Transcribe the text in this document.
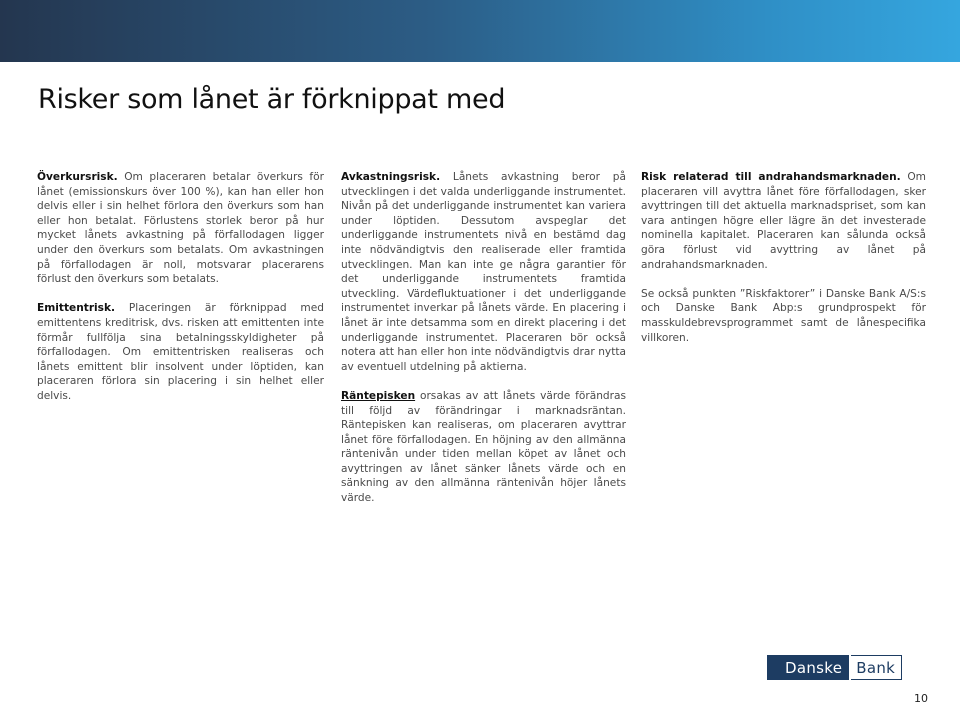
Risker som lånet är förknippat med

Överkursrisk. Om placeraren betalar överkurs för lånet (emissionskurs över 100 %), kan han eller hon delvis eller i sin helhet förlora den överkurs som han eller hon betalat. Förlustens storlek beror på hur mycket lånets avkastning på förfallodagen ligger under den överkurs som betalats. Om avkastningen på förfallodagen är noll, motsvarar placerarens förlust den överkurs som betalats.

Emittentrisk. Placeringen är förknippad med emittentens kreditrisk, dvs. risken att emittenten inte förmår fullfölja sina betalningsskyldigheter på förfallodagen. Om emittentrisken realiseras och lånets emittent blir insolvent under löptiden, kan placeraren förlora sin placering i sin helhet eller delvis.

Avkastningsrisk. Lånets avkastning beror på utvecklingen i det valda underliggande instrumentet. Nivån på det underliggande instrumentet kan variera under löptiden. Dessutom avspeglar det underliggande instrumentets nivå en bestämd dag inte nödvändigtvis den realiserade eller framtida utvecklingen. Man kan inte ge några garantier för det underliggande instrumentets framtida utveckling. Värdefluktuationer i det underliggande instrumentet inverkar på lånets värde. En placering i lånet är inte detsamma som en direkt placering i det underliggande instrumentet. Placeraren bör också notera att han eller hon inte nödvändigtvis drar nytta av eventuell utdelning på aktierna.

Räntерisken orsakas av att lånets värde förändras till följd av förändringar i marknadsräntan. Räntерisken kan realiseras, om placeraren avyttrar lånet före förfallodagen. En höjning av den allmänna räntenivån under tiden mellan köpet av lånet och avyttringen av lånet sänker lånets värde och en sänkning av den allmänna räntenivån höjer lånets värde.

Risk relaterad till andrahandsmarknaden. Om placeraren vill avyttra lånet före förfallodagen, sker avyttringen till det aktuella marknadspriset, som kan vara antingen högre eller lägre än det investerade nominella kapitalet. Placeraren kan sålunda också göra förlust vid avyttring av lånet på andrahandsmarknaden.

Se också punkten ”Riskfaktorer” i Danske Bank A/S:s och Danske Bank Abp:s grundprospekt för masskuldebrevsprogrammet samt de lånespecifika villkoren.

Danske Bank
10
